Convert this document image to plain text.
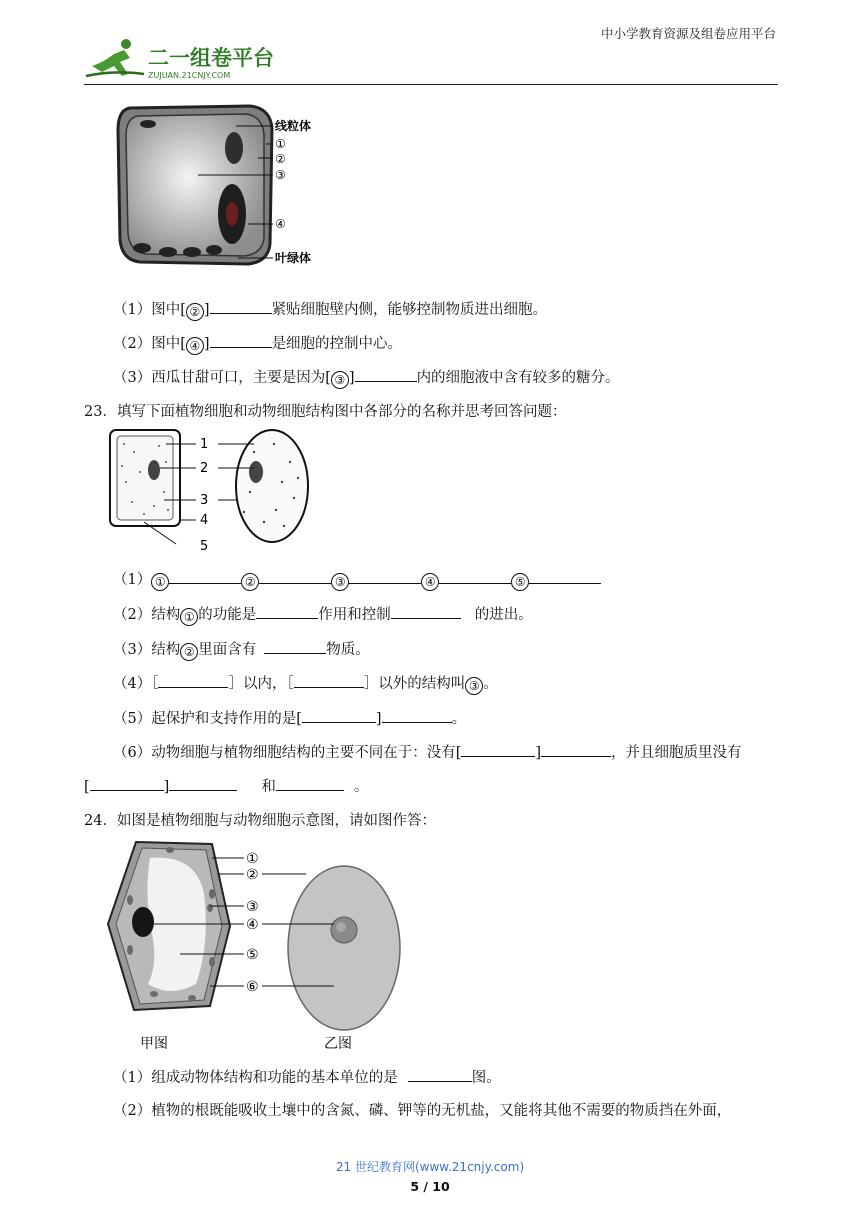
中小学教育资源及组卷应用平台
二一组卷平台
ZUJUAN.21CNJY.COM
线粒体
①
②
③
④
叶绿体
（1）图中[ ② ]	紧贴细胞壁内侧，能够控制物质进出细胞。
（2）图中[ ④ ]	是细胞的控制中心。
（3）西瓜甘甜可口，主要是因为[ ③ ]	内的细胞液中含有较多的糖分。
23．填写下面植物细胞和动物细胞结构图中各部分的名称并思考回答问题：
1
2
3
4
5
（1） ①	②	③	④	⑤
（2）结构 ① 的功能是	作用和控制	的进出。
（3）结构 ② 里面含有	物质。
（4）［	］以内，［	］以外的结构叫 ③ 。
（5）起保护和支持作用的是[	]	。
（6）动物细胞与植物细胞结构的主要不同在于：没有[	]	，并且细胞质里没有
[	]	和	。
24．如图是植物细胞与动物细胞示意图，请如图作答：
甲图	乙图
①
②
③
④
⑤
⑥
（1）组成动物体结构和功能的基本单位的是	图。
（2）植物的根既能吸收土壤中的含氮、磷、钾等的无机盐，又能将其他不需要的物质挡在外面，
21 世纪教育网(www.21cnjy.com)
5 / 10
